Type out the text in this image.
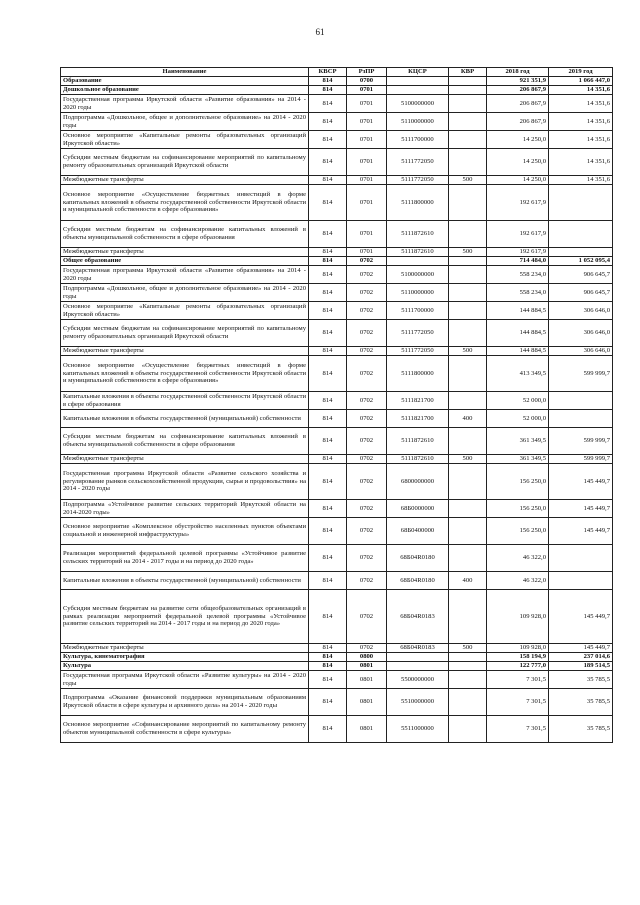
61
Наименование	КВСР	РзПР	КЦСР	КВР	2018 год	2019 год
Образование	814	0700			921 351,9	1 066 447,0
Дошкольное образование	814	0701			206 867,9	14 351,6
Государственная программа Иркутской области «Развитие образования» на 2014 - 2020 годы	814	0701	5100000000		206 867,9	14 351,6
Подпрограмма «Дошкольное, общее и дополнительное образование» на 2014 - 2020 годы	814	0701	5110000000		206 867,9	14 351,6
Основное мероприятие «Капитальные ремонты образовательных организаций Иркутской области»	814	0701	5111700000		14 250,0	14 351,6
Субсидии местным бюджетам на софинансирование мероприятий по капитальному ремонту образовательных организаций Иркутской области	814	0701	5111772050		14 250,0	14 351,6
Межбюджетные трансферты	814	0701	5111772050	500	14 250,0	14 351,6
Основное мероприятие «Осуществление бюджетных инвестиций в форме капитальных вложений в объекты государственной собственности Иркутской области и муниципальной собственности в сфере образования»	814	0701	5111800000		192 617,9	
Субсидии местным бюджетам на софинансирование капитальных вложений в объекты муниципальной собственности в сфере образования	814	0701	5111872610		192 617,9	
Межбюджетные трансферты	814	0701	5111872610	500	192 617,9	
Общее образование	814	0702			714 484,0	1 052 095,4
Государственная программа Иркутской области «Развитие образования» на 2014 - 2020 годы	814	0702	5100000000		558 234,0	906 645,7
Подпрограмма «Дошкольное, общее и дополнительное образование» на 2014 - 2020 годы	814	0702	5110000000		558 234,0	906 645,7
Основное мероприятие «Капитальные ремонты образовательных организаций Иркутской области»	814	0702	5111700000		144 884,5	306 646,0
Субсидии местным бюджетам на софинансирование мероприятий по капитальному ремонту образовательных организаций Иркутской области	814	0702	5111772050		144 884,5	306 646,0
Межбюджетные трансферты	814	0702	5111772050	500	144 884,5	306 646,0
Основное мероприятие «Осуществление бюджетных инвестиций в форме капитальных вложений в объекты государственной собственности Иркутской области и муниципальной собственности в сфере образования»	814	0702	5111800000		413 349,5	599 999,7
Капитальные вложения в объекты государственной собственности Иркутской области в сфере образования	814	0702	5111821700		52 000,0	
Капитальные вложения в объекты государственной (муниципальной) собственности	814	0702	5111821700	400	52 000,0	
Субсидии местным бюджетам на софинансирование капитальных вложений в объекты муниципальной собственности в сфере образования	814	0702	5111872610		361 349,5	599 999,7
Межбюджетные трансферты	814	0702	5111872610	500	361 349,5	599 999,7
Государственная программа Иркутской области «Развитие сельского хозяйства и регулирование рынков сельскохозяйственной продукции, сырья и продовольствия» на 2014 - 2020 годы	814	0702	6800000000		156 250,0	145 449,7
Подпрограмма «Устойчивое развитие сельских территорий Иркутской области на 2014-2020 годы»	814	0702	68Б0000000		156 250,0	145 449,7
Основное мероприятие «Комплексное обустройство населенных пунктов объектами социальной и инженерной инфраструктуры»	814	0702	68Б0400000		156 250,0	145 449,7
Реализация мероприятий федеральной целевой программы «Устойчивое развитие сельских территорий на 2014 - 2017 годы и на период до 2020 года»	814	0702	68Б04R0180		46 322,0	
Капитальные вложения в объекты государственной (муниципальной) собственности	814	0702	68Б04R0180	400	46 322,0	
Субсидия местным бюджетам на развитие сети общеобразовательных организаций в рамках реализации мероприятий федеральной целевой программы «Устойчивое развитие сельских территорий на 2014 - 2017 годы и на период до 2020 года»	814	0702	68Б04R0183		109 928,0	145 449,7
Межбюджетные трансферты	814	0702	68Б04R0183	500	109 928,0	145 449,7
Культура, кинематография	814	0800			158 194,9	237 014,6
Культура	814	0801			122 777,0	189 514,5
Государственная программа Иркутской области «Развитие культуры» на 2014 - 2020 годы	814	0801	5500000000		7 301,5	35 785,5
Подпрограмма «Оказание финансовой поддержки муниципальным образованиям Иркутской области в сфере культуры и архивного дела» на 2014 - 2020 годы	814	0801	5510000000		7 301,5	35 785,5
Основное мероприятие «Софинансирование мероприятий по капитальному ремонту объектов муниципальной собственности в сфере культуры»	814	0801	5511000000		7 301,5	35 785,5
